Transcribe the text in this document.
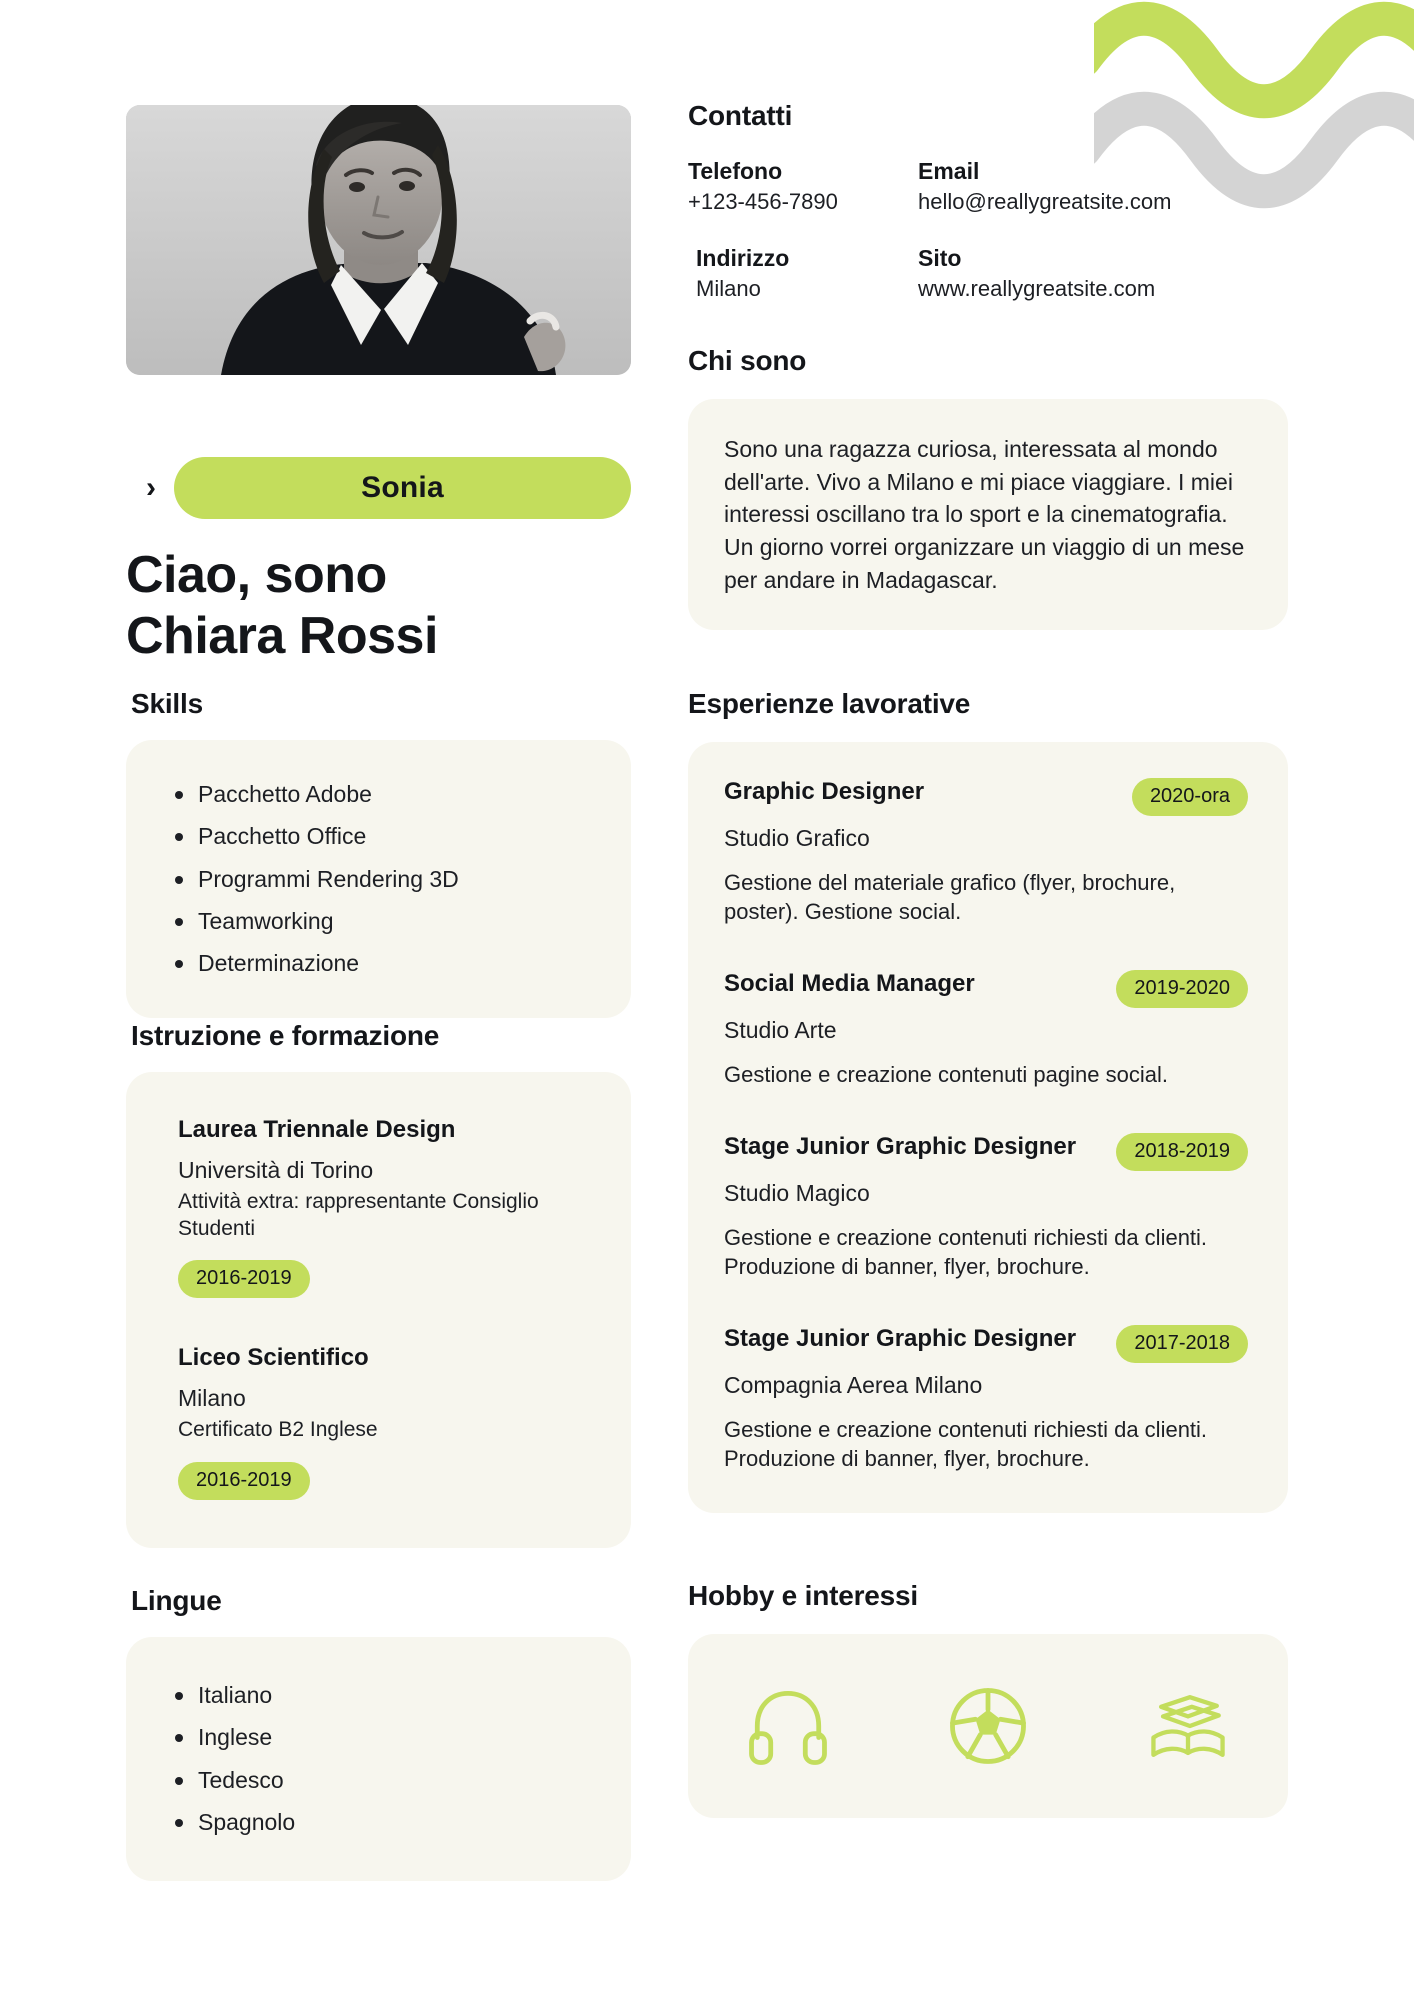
›	Sonia
Ciao, sono
Chiara Rossi
Skills
Pacchetto Adobe
Pacchetto Office
Programmi Rendering 3D
Teamworking
Determinazione
Istruzione e formazione
Laurea Triennale Design
Università di Torino
Attività extra: rappresentante Consiglio Studenti
2016-2019
Liceo Scientifico
Milano
Certificato B2 Inglese
2016-2019
Lingue
Italiano
Inglese
Tedesco
Spagnolo
Contatti
Telefono
+123-456-7890
Email
hello@reallygreatsite.com
Indirizzo
Milano
Sito
www.reallygreatsite.com
Chi sono

Sono una ragazza curiosa, interessata al mondo dell'arte. Vivo a Milano e mi piace viaggiare. I miei interessi oscillano tra lo sport e la cinematografia. Un giorno vorrei organizzare un viaggio di un mese per andare in Madagascar.

Esperienze lavorative
Graphic Designer	2020-ora
Studio Grafico
Gestione del materiale grafico (flyer, brochure, poster). Gestione social.
Social Media Manager	2019-2020
Studio Arte
Gestione e creazione contenuti pagine social.
Stage Junior Graphic Designer	2018-2019
Studio Magico
Gestione e creazione contenuti richiesti da clienti. Produzione di banner, flyer, brochure.
Stage Junior Graphic Designer	2017-2018
Compagnia Aerea Milano
Gestione e creazione contenuti richiesti da clienti. Produzione di banner, flyer, brochure.
Hobby e interessi
